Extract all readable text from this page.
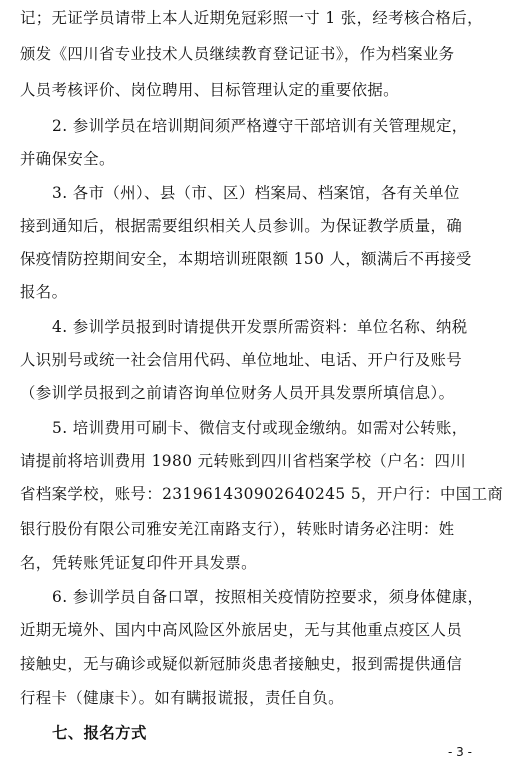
记；无证学员请带上本人近期免冠彩照一寸 1 张，经考核合格后，
颁发《四川省专业技术人员继续教育登记证书》，作为档案业务
人员考核评价、岗位聘用、目标管理认定的重要依据。
2. 参训学员在培训期间须严格遵守干部培训有关管理规定，
并确保安全。
3. 各市（州）、县（市、区）档案局、档案馆，各有关单位
接到通知后，根据需要组织相关人员参训。为保证教学质量，确
保疫情防控期间安全，本期培训班限额 150 人，额满后不再接受
报名。
4. 参训学员报到时请提供开发票所需资料：单位名称、纳税
人识别号或统一社会信用代码、单位地址、电话、开户行及账号
（参训学员报到之前请咨询单位财务人员开具发票所填信息）。
5. 培训费用可刷卡、微信支付或现金缴纳。如需对公转账，
请提前将培训费用 1980 元转账到四川省档案学校（户名：四川
省档案学校，账号：231961430902640245 5，开户行：中国工商
银行股份有限公司雅安羌江南路支行），转账时请务必注明：姓
名，凭转账凭证复印件开具发票。
6. 参训学员自备口罩，按照相关疫情防控要求，须身体健康，
近期无境外、国内中高风险区外旅居史，无与其他重点疫区人员
接触史，无与确诊或疑似新冠肺炎患者接触史，报到需提供通信
行程卡（健康卡）。如有瞒报谎报，责任自负。
七、报名方式
- 3 -
